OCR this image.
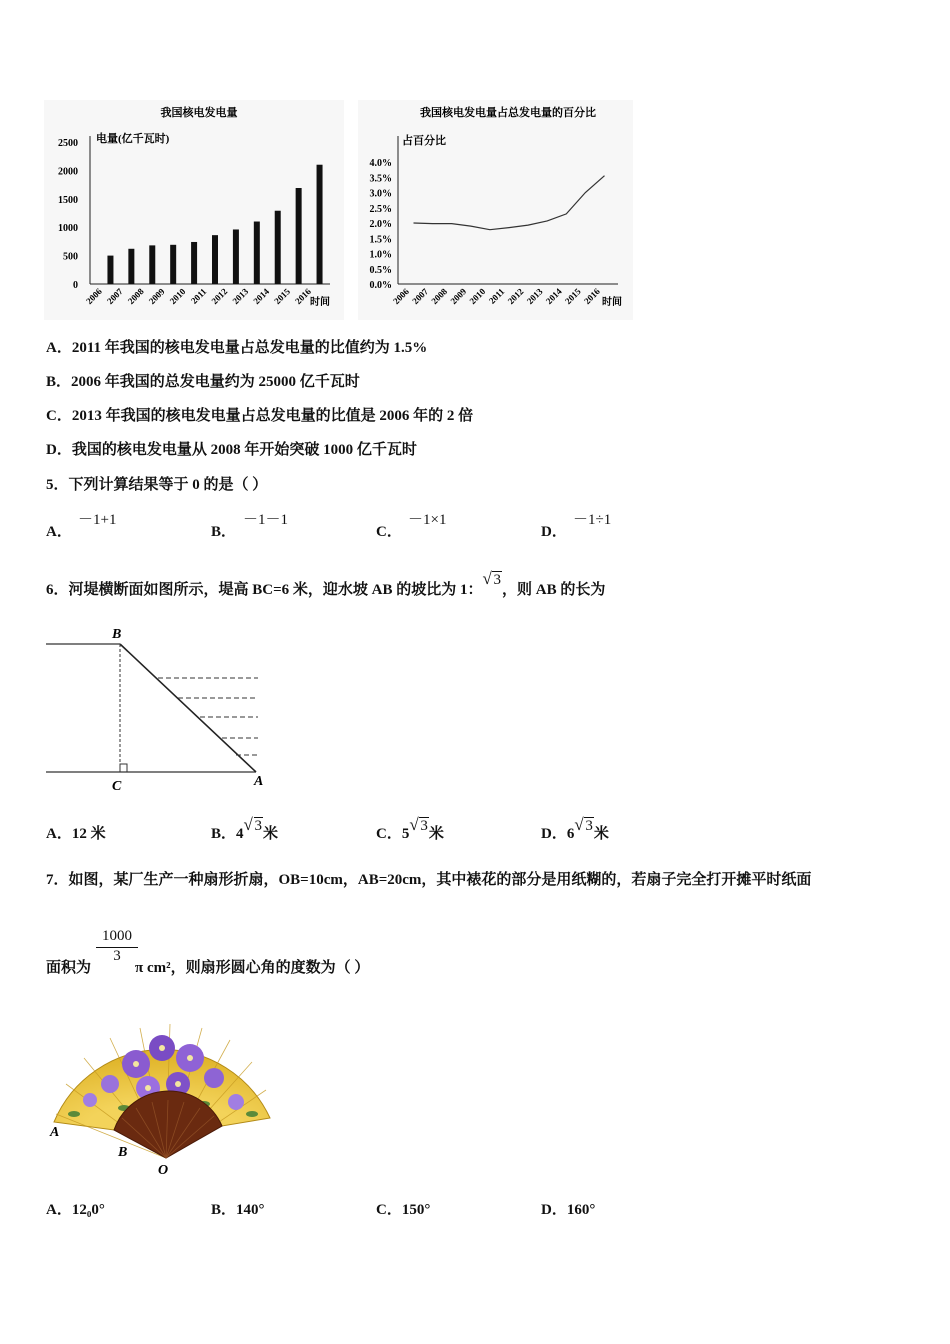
我国核电发电量
电量(亿千瓦时)
时间
2500
2000
1500
1000
500
0
2006 2007 2008 2009 2010 2011 2012 2013 2014 2015 2016
我国核电发电量占总发电量的百分比
占百分比
时间
4.0%
3.5%
3.0%
2.5%
2.0%
1.5%
1.0%
0.5%
0.0%
2006 2007 2008 2009 2010 2011 2012 2013 2014 2015 2016
A．2011 年我国的核电发电量占总发电量的比值约为 1.5%
B．2006 年我国的总发电量约为 25000 亿千瓦时
C．2013 年我国的核电发电量占总发电量的比值是 2006 年的 2 倍
D．我国的核电发电量从 2008 年开始突破 1000 亿千瓦时
5．下列计算结果等于 0 的是（ ）
A．
－1+1
B．
－1－1
C．
－1×1
D．
－1÷1
6．河堤横断面如图所示，堤高 BC=6 米，迎水坡 AB 的坡比为 1：
√ 3，则 AB 的长为
B
C	A
A．12 米	B．4 √ 3米	C．5 √ 3米	D．6 √ 3米
7．如图，某厂生产一种扇形折扇，OB=10cm，AB=20cm，其中裱花的部分是用纸糊的，若扇子完全打开摊平时纸面
面积为	π cm²，则扇形圆心角的度数为（ ）
$\frac{1000}{3}$
A
B
O
A．12₀0°	B．140°	C．150°	D．160°
